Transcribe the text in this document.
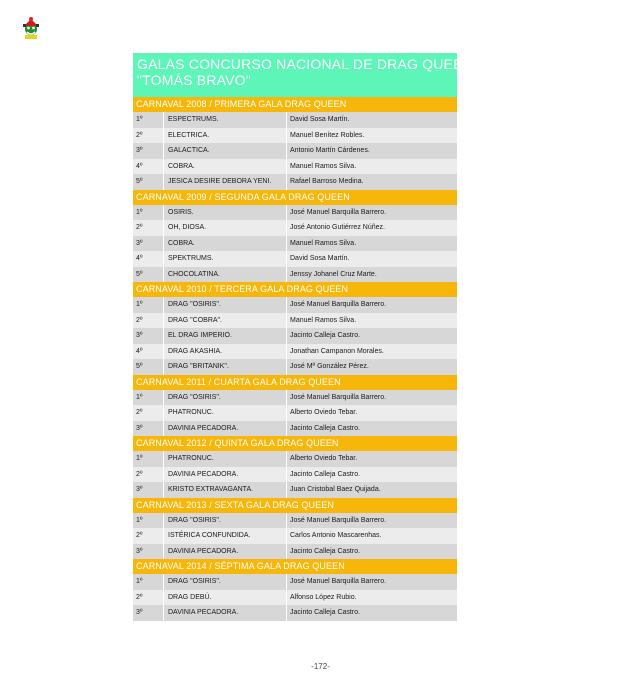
GALAS CONCURSO NACIONAL DE DRAG QUEEN
"TOMÁS BRAVO"
CARNAVAL 2008 / PRIMERA GALA DRAG QUEEN
1º	ESPECTRUMS.	David Sosa Martín.
2º	ELECTRICA.	Manuel Benítez Robles.
3º	GALACTICA.	Antonio Martín Cárdenes.
4º	COBRA.	Manuel Ramos Silva.
5º	JESICA DESIRE DEBORA YENI.	Rafael Barroso Medina.
CARNAVAL 2009 / SEGUNDA GALA DRAG QUEEN
1º	OSIRIS.	José Manuel Barquilla Barrero.
2º	OH, DIOSA.	José Antonio Gutiérrez Núñez.
3º	COBRA.	Manuel Ramos Silva.
4º	SPEKTRUMS.	David Sosa Martín.
5º	CHOCOLATINA.	Jenssy Johanel Cruz Marte.
CARNAVAL 2010 / TERCERA GALA DRAG QUEEN
1º	DRAG "OSIRIS".	José Manuel Barquilla Barrero.
2º	DRAG "COBRA".	Manuel Ramos Silva.
3º	EL DRAG IMPERIO.	Jacinto Calleja Castro.
4º	DRAG AKASHIA.	Jonathan Campanon Morales.
5º	DRAG "BRITANIK".	José Mª González Pérez.
CARNAVAL 2011 / CUARTA GALA DRAG QUEEN
1º	DRAG "OSIRIS".	José Manuel Barquilla Barrero.
2º	PHATRONUC.	Alberto Oviedo Tebar.
3º	DAVINIA PECADORA.	Jacinto Calleja Castro.
CARNAVAL 2012 / QUINTA GALA DRAG QUEEN
1º	PHATRONUC.	Alberto Oviedo Tebar.
2º	DAVINIA PECADORA.	Jacinto Calleja Castro.
3º	KRISTO EXTRAVAGANTA.	Juan Cristobal Baez Quijada.
CARNAVAL 2013 / SEXTA GALA DRAG QUEEN
1º	DRAG "OSIRIS".	José Manuel Barquilla Barrero.
2º	ISTÉRICA CONFUNDIDA.	Carlos Antonio Mascarenhas.
3º	DAVINIA PECADORA.	Jacinto Calleja Castro.
CARNAVAL 2014 / SÉPTIMA GALA DRAG QUEEN
1º	DRAG "OSIRIS".	José Manuel Barquilla Barrero.
2º	DRAG DEBÚ.	Alfonso López Rubio.
3º	DAVINIA PECADORA.	Jacinto Calleja Castro.
-172-
